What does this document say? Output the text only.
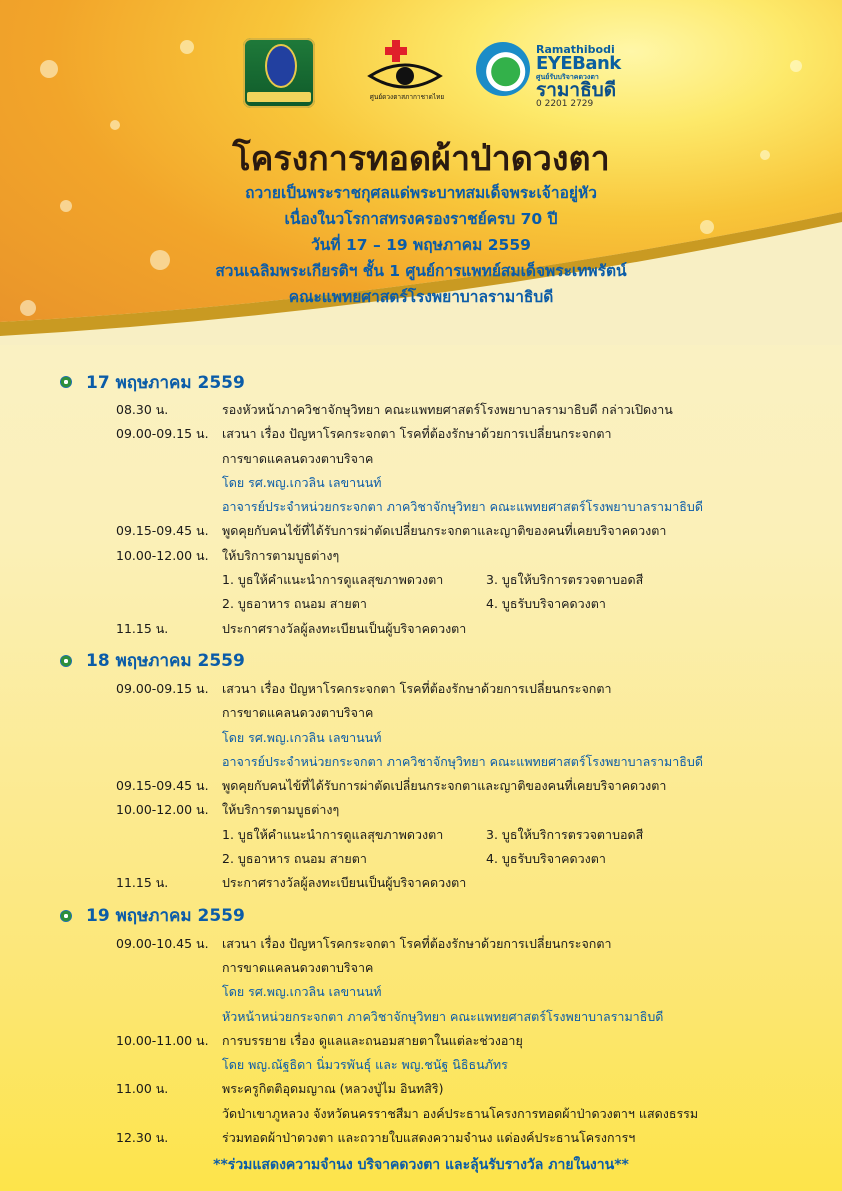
ศูนย์ดวงตาสภากาชาดไทย
Ramathibodi
EYEBank
ศูนย์รับบริจาคดวงตา
รามาธิบดี
0 2201 2729
โครงการทอดผ้าป่าดวงตา

ถวายเป็นพระราชกุศลแด่พระบาทสมเด็จพระเจ้าอยู่หัว

เนื่องในวโรกาสทรงครองราชย์ครบ 70 ปี

วันที่ 17 – 19 พฤษภาคม 2559

สวนเฉลิมพระเกียรติฯ ชั้น 1 ศูนย์การแพทย์สมเด็จพระเทพรัตน์

คณะแพทยศาสตร์โรงพยาบาลรามาธิบดี

17 พฤษภาคม 2559
08.30 น.	รองหัวหน้าภาควิชาจักษุวิทยา คณะแพทยศาสตร์โรงพยาบาลรามาธิบดี กล่าวเปิดงาน
09.00-09.15 น.	เสวนา เรื่อง ปัญหาโรคกระจกตา โรคที่ต้องรักษาด้วยการเปลี่ยนกระจกตา
การขาดแคลนดวงตาบริจาค
โดย รศ.พญ.เกวลิน เลขานนท์
อาจารย์ประจำหน่วยกระจกตา ภาควิชาจักษุวิทยา คณะแพทยศาสตร์โรงพยาบาลรามาธิบดี
09.15-09.45 น.	พูดคุยกับคนไข้ที่ได้รับการผ่าตัดเปลี่ยนกระจกตาและญาติของคนที่เคยบริจาคดวงตา
10.00-12.00 น.	ให้บริการตามบูธต่างๆ
1. บูธให้คำแนะนำการดูแลสุขภาพดวงตา	3. บูธให้บริการตรวจตาบอดสี
2. บูธอาหาร ถนอม สายตา	4. บูธรับบริจาคดวงตา
11.15 น.	ประกาศรางวัลผู้ลงทะเบียนเป็นผู้บริจาคดวงตา
18 พฤษภาคม 2559
09.00-09.15 น.	เสวนา เรื่อง ปัญหาโรคกระจกตา โรคที่ต้องรักษาด้วยการเปลี่ยนกระจกตา
การขาดแคลนดวงตาบริจาค
โดย รศ.พญ.เกวลิน เลขานนท์
อาจารย์ประจำหน่วยกระจกตา ภาควิชาจักษุวิทยา คณะแพทยศาสตร์โรงพยาบาลรามาธิบดี
09.15-09.45 น.	พูดคุยกับคนไข้ที่ได้รับการผ่าตัดเปลี่ยนกระจกตาและญาติของคนที่เคยบริจาคดวงตา
10.00-12.00 น.	ให้บริการตามบูธต่างๆ
1. บูธให้คำแนะนำการดูแลสุขภาพดวงตา	3. บูธให้บริการตรวจตาบอดสี
2. บูธอาหาร ถนอม สายตา	4. บูธรับบริจาคดวงตา
11.15 น.	ประกาศรางวัลผู้ลงทะเบียนเป็นผู้บริจาคดวงตา
19 พฤษภาคม 2559
09.00-10.45 น.	เสวนา เรื่อง ปัญหาโรคกระจกตา โรคที่ต้องรักษาด้วยการเปลี่ยนกระจกตา
การขาดแคลนดวงตาบริจาค
โดย รศ.พญ.เกวลิน เลขานนท์
หัวหน้าหน่วยกระจกตา ภาควิชาจักษุวิทยา คณะแพทยศาสตร์โรงพยาบาลรามาธิบดี
10.00-11.00 น.	การบรรยาย เรื่อง ดูแลและถนอมสายตาในแต่ละช่วงอายุ
โดย พญ.ณัฐธิดา นิ่มวรพันธุ์ และ พญ.ชนัฐ นิธิธนภัทร
11.00 น.	พระครูกิตติอุดมญาณ (หลวงปู่ไม อินทสิริ)
วัดป่าเขาภูหลวง จังหวัดนครราชสีมา องค์ประธานโครงการทอดผ้าป่าดวงตาฯ แสดงธรรม
12.30 น.	ร่วมทอดผ้าป่าดวงตา และถวายใบแสดงความจำนง แด่องค์ประธานโครงการฯ
**ร่วมแสดงความจำนง บริจาคดวงตา และลุ้นรับรางวัล ภายในงาน**
